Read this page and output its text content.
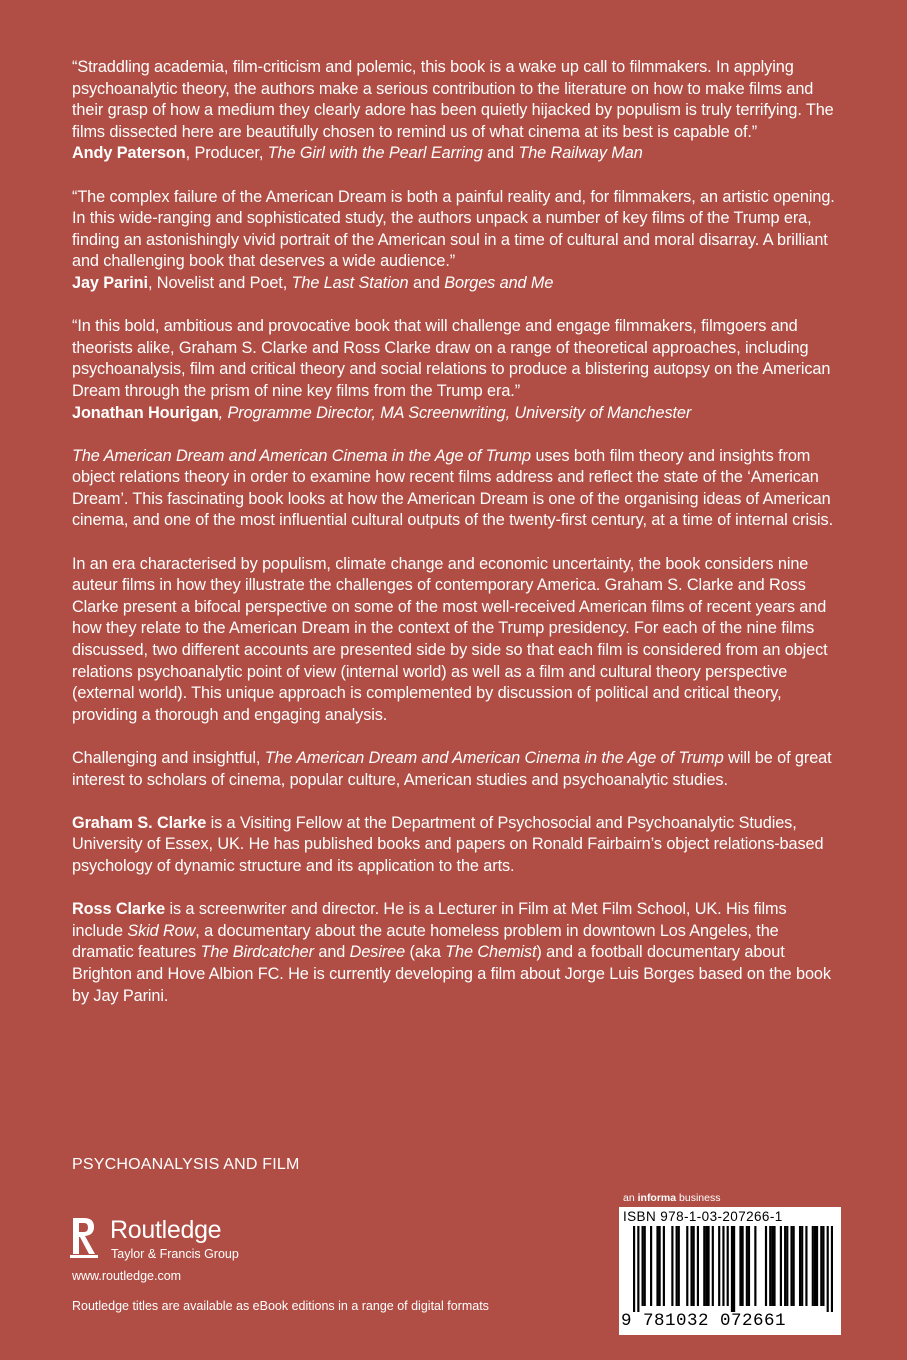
“Straddling academia, film-criticism and polemic, this book is a wake up call to filmmakers. In applying psychoanalytic theory, the authors make a serious contribution to the literature on how to make films and their grasp of how a medium they clearly adore has been quietly hijacked by populism is truly terrifying. The films dissected here are beautifully chosen to remind us of what cinema at its best is capable of.”
Andy Paterson, Producer, The Girl with the Pearl Earring and The Railway Man

“The complex failure of the American Dream is both a painful reality and, for filmmakers, an artistic opening. In this wide-ranging and sophisticated study, the authors unpack a number of key films of the Trump era, finding an astonishingly vivid portrait of the American soul in a time of cultural and moral disarray. A brilliant and challenging book that deserves a wide audience.”
Jay Parini, Novelist and Poet, The Last Station and Borges and Me

“In this bold, ambitious and provocative book that will challenge and engage filmmakers, filmgoers and theorists alike, Graham S. Clarke and Ross Clarke draw on a range of theoretical approaches, including psychoanalysis, film and critical theory and social relations to produce a blistering autopsy on the American Dream through the prism of nine key films from the Trump era.”
Jonathan Hourigan, Programme Director, MA Screenwriting, University of Manchester

The American Dream and American Cinema in the Age of Trump uses both film theory and insights from object relations theory in order to examine how recent films address and reflect the state of the ‘American Dream’. This fascinating book looks at how the American Dream is one of the organising ideas of American cinema, and one of the most influential cultural outputs of the twenty-first century, at a time of internal crisis.

In an era characterised by populism, climate change and economic uncertainty, the book considers nine auteur films in how they illustrate the challenges of contemporary America. Graham S. Clarke and Ross Clarke present a bifocal perspective on some of the most well-received American films of recent years and how they relate to the American Dream in the context of the Trump presidency. For each of the nine films discussed, two different accounts are presented side by side so that each film is considered from an object relations psychoanalytic point of view (internal world) as well as a film and cultural theory perspective (external world). This unique approach is complemented by discussion of political and critical theory, providing a thorough and engaging analysis.

Challenging and insightful, The American Dream and American Cinema in the Age of Trump will be of great interest to scholars of cinema, popular culture, American studies and psychoanalytic studies.

Graham S. Clarke is a Visiting Fellow at the Department of Psychosocial and Psychoanalytic Studies, University of Essex, UK. He has published books and papers on Ronald Fairbairn’s object relations-based psychology of dynamic structure and its application to the arts.

Ross Clarke is a screenwriter and director. He is a Lecturer in Film at Met Film School, UK. His films include Skid Row, a documentary about the acute homeless problem in downtown Los Angeles, the dramatic features The Birdcatcher and Desiree (aka The Chemist) and a football documentary about Brighton and Hove Albion FC. He is currently developing a film about Jorge Luis Borges based on the book by Jay Parini.

PSYCHOANALYSIS AND FILM
Routledge
Taylor & Francis Group
www.routledge.com
Routledge titles are available as eBook editions in a range of digital formats
an informa business
ISBN 978-1-03-207266-1
9 781032 072661
